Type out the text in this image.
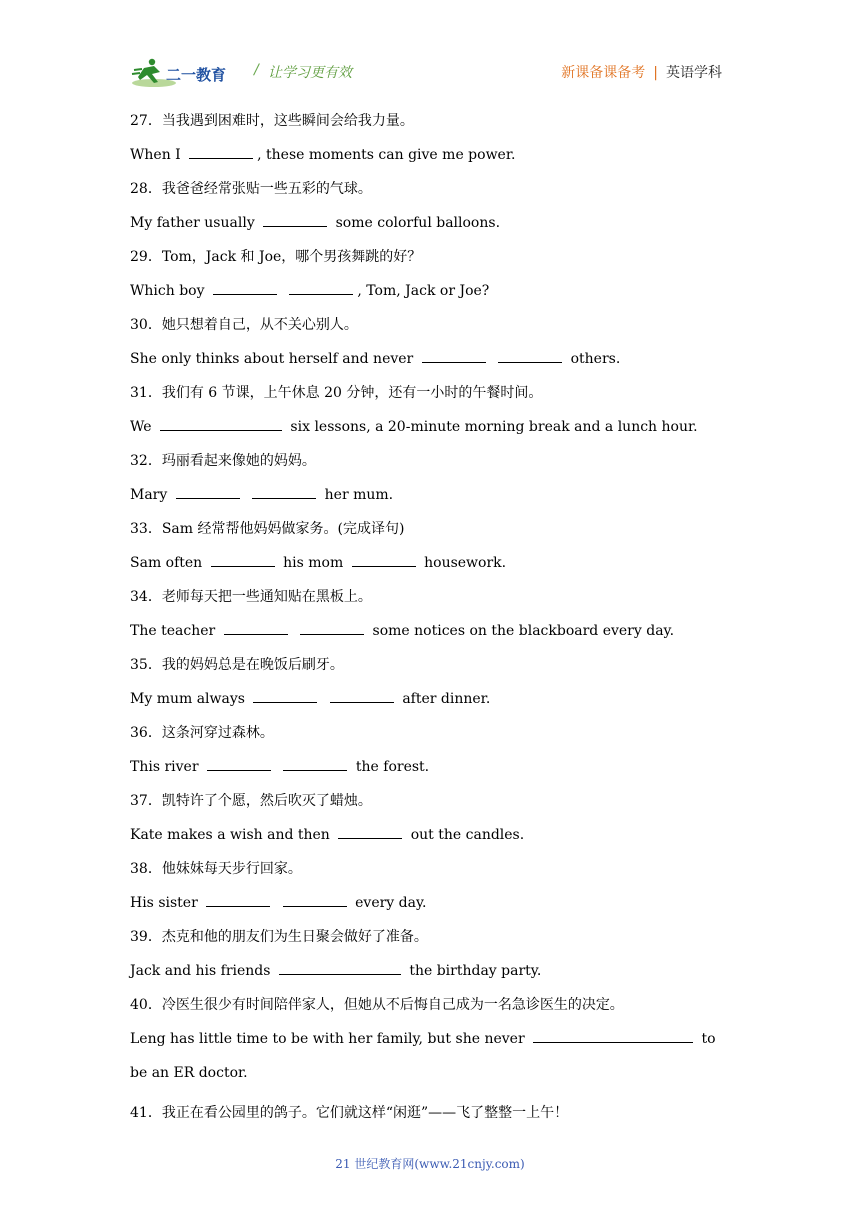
二一教育 / 让学习更有效	新课备课备考 | 英语学科
27．当我遇到困难时，这些瞬间会给我力量。
When I	, these moments can give me power.
28．我爸爸经常张贴一些五彩的气球。
My father usually	some colorful balloons.
29．Tom，Jack 和 Joe，哪个男孩舞跳的好？
Which boy	, Tom, Jack or Joe?
30．她只想着自己，从不关心别人。
She only thinks about herself and never	others.
31．我们有 6 节课，上午休息 20 分钟，还有一小时的午餐时间。
We	six lessons, a 20-minute morning break and a lunch hour.
32．玛丽看起来像她的妈妈。
Mary	her mum.
33．Sam 经常帮他妈妈做家务。(完成译句)
Sam often	his mom	housework.
34．老师每天把一些通知贴在黑板上。
The teacher	some notices on the blackboard every day.
35．我的妈妈总是在晚饭后刷牙。
My mum always	after dinner.
36．这条河穿过森林。
This river	the forest.
37．凯特许了个愿，然后吹灭了蜡烛。
Kate makes a wish and then	out the candles.
38．他妹妹每天步行回家。
His sister	every day.
39．杰克和他的朋友们为生日聚会做好了准备。
Jack and his friends	the birthday party.
40．冷医生很少有时间陪伴家人，但她从不后悔自己成为一名急诊医生的决定。
Leng has little time to be with her family, but she never	to be an ER doctor.
41．我正在看公园里的鸽子。它们就这样“闲逛”——飞了整整一上午！
21 世纪教育网(www.21cnjy.com)
